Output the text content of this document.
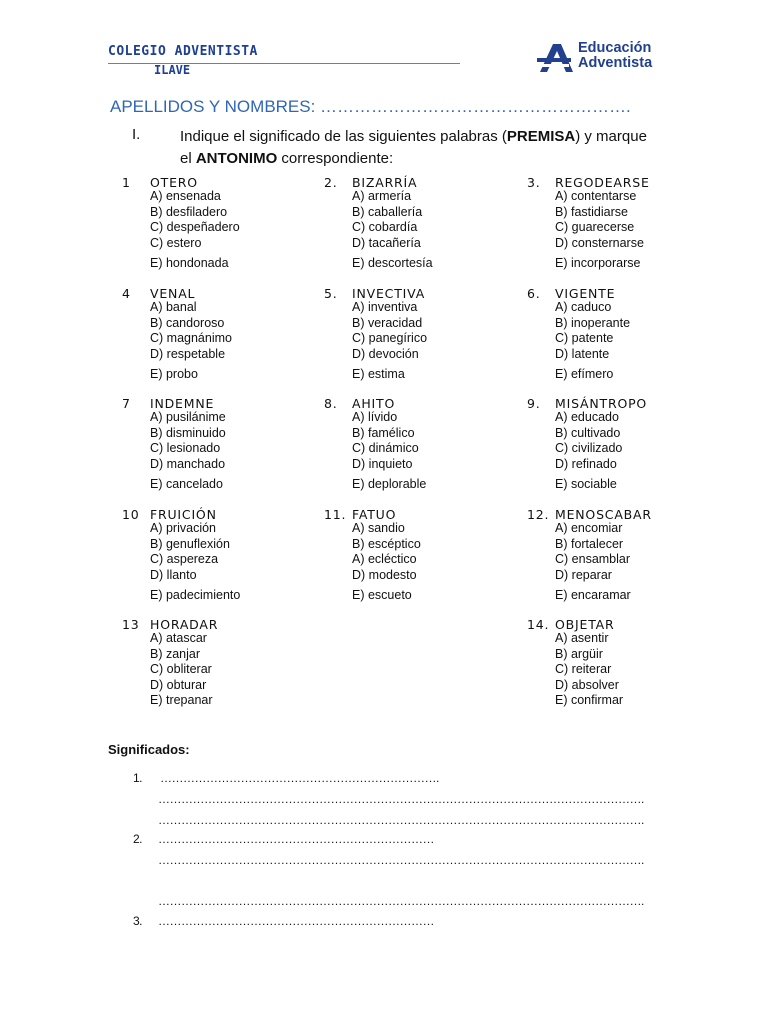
COLEGIO ADVENTISTA
ILAVE
Educación
Adventista
APELLIDOS Y NOMBRES: ……………………………………………….
I.	Indique el significado de las siguientes palabras (PREMISA) y marque el ANTONIMO correspondiente:
1 OTERO
A) ensenada
B) desfiladero
C) despeñadero
C) estero
E) hondonada
2. BIZARRÍA
A) armería
B) caballería
C) cobardía
D) tacañería
E) descortesía
3. REGODEARSE
A) contentarse
B) fastidiarse
C) guarecerse
D) consternarse
E) incorporarse
4 VENAL
A) banal
B) candoroso
C) magnánimo
D) respetable
E) probo
5. INVECTIVA
A) inventiva
B) veracidad
C) panegírico
D) devoción
E) estima
6. VIGENTE
A) caduco
B) inoperante
C) patente
D) latente
E) efímero
7 INDEMNE
A) pusilánime
B) disminuido
C) lesionado
D) manchado
E) cancelado
8. AHITO
A) lívido
B) famélico
C) dinámico
D) inquieto
E) deplorable
9. MISÁNTROPO
A) educado
B) cultivado
C) civilizado
D) refinado
E) sociable
10 FRUICIÓN
A) privación
B) genuflexión
C) aspereza
D) llanto
E) padecimiento
11. FATUO
A) sandio
B) escéptico
A) ecléctico
D) modesto
E) escueto
12. MENOSCABAR
A) encomiar
B) fortalecer
C) ensamblar
D) reparar
E) encaramar
13 HORADAR
A) atascar
B) zanjar
C) obliterar
D) obturar
E) trepanar
14. OBJETAR
A) asentir
B) argüir
C) reiterar
D) absolver
E) confirmar
Significados:
1. ……………………………………………………………….
……………………………………………………………………………………………………………….
……………………………………………………………………………………………………………….
2. ………………………………………………………………
……………………………………………………………………………………………………………….
……………………………………………………………………………………………………………….
3. ………………………………………………………………
